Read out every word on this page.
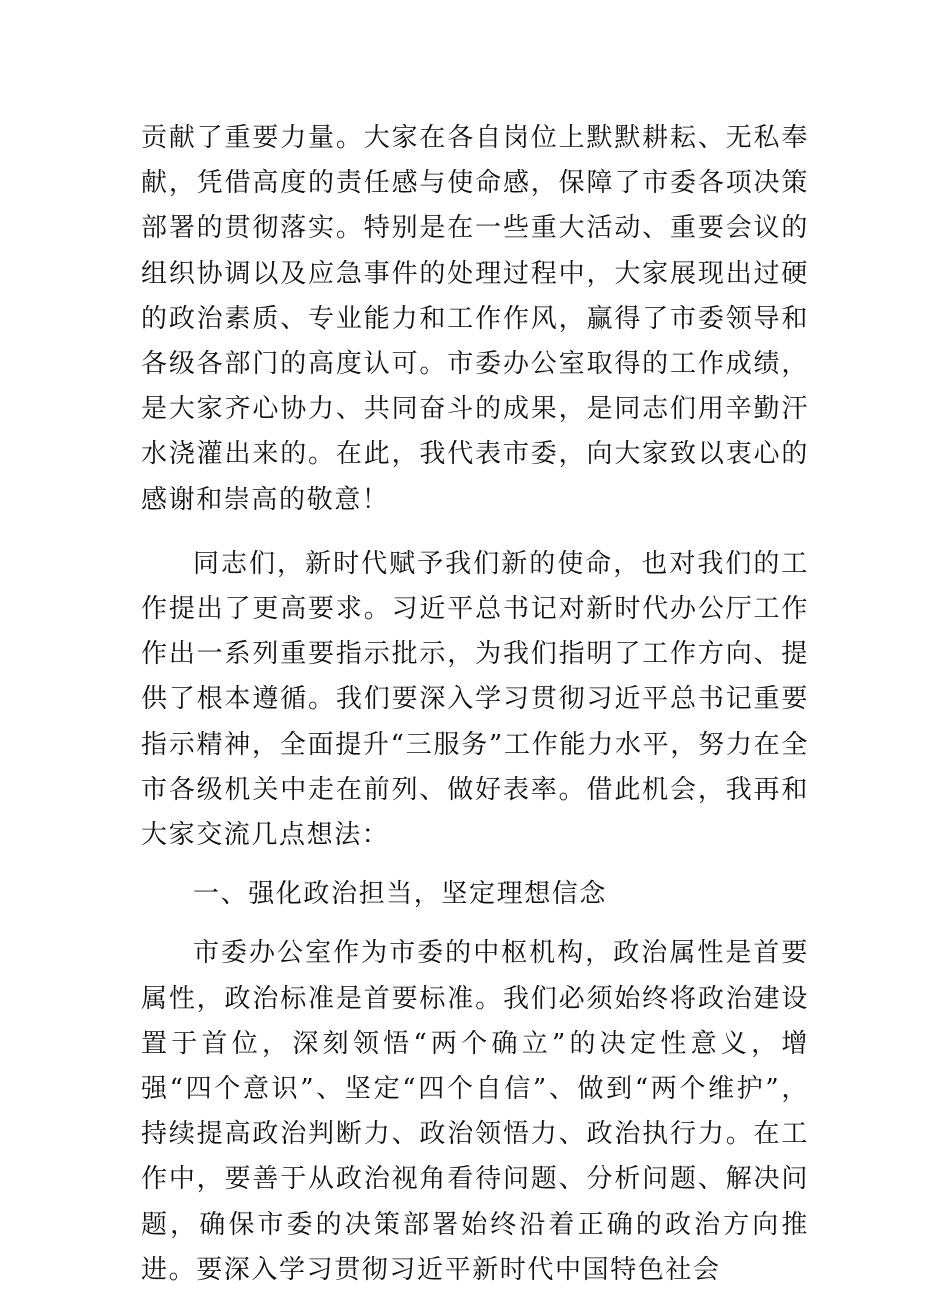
贡献了重要力量。大家在各自岗位上默默耕耘、无私奉献，凭借高度的责任感与使命感，保障了市委各项决策部署的贯彻落实。特别是在一些重大活动、重要会议的组织协调以及应急事件的处理过程中，大家展现出过硬的政治素质、专业能力和工作作风，赢得了市委领导和各级各部门的高度认可。市委办公室取得的工作成绩，是大家齐心协力、共同奋斗的成果，是同志们用辛勤汗水浇灌出来的。在此，我代表市委，向大家致以衷心的感谢和崇高的敬意！

同志们，新时代赋予我们新的使命，也对我们的工作提出了更高要求。习近平总书记对新时代办公厅工作作出一系列重要指示批示，为我们指明了工作方向、提供了根本遵循。我们要深入学习贯彻习近平总书记重要指示精神，全面提升“三服务”工作能力水平，努力在全市各级机关中走在前列、做好表率。借此机会，我再和大家交流几点想法：

一、强化政治担当，坚定理想信念

市委办公室作为市委的中枢机构，政治属性是首要属性，政治标准是首要标准。我们必须始终将政治建设置于首位，深刻领悟“两个确立”的决定性意义，增强“四个意识”、坚定“四个自信”、做到“两个维护”，持续提高政治判断力、政治领悟力、政治执行力。在工作中，要善于从政治视角看待问题、分析问题、解决问题，确保市委的决策部署始终沿着正确的政治方向推进。要深入学习贯彻习近平新时代中国特色社会
